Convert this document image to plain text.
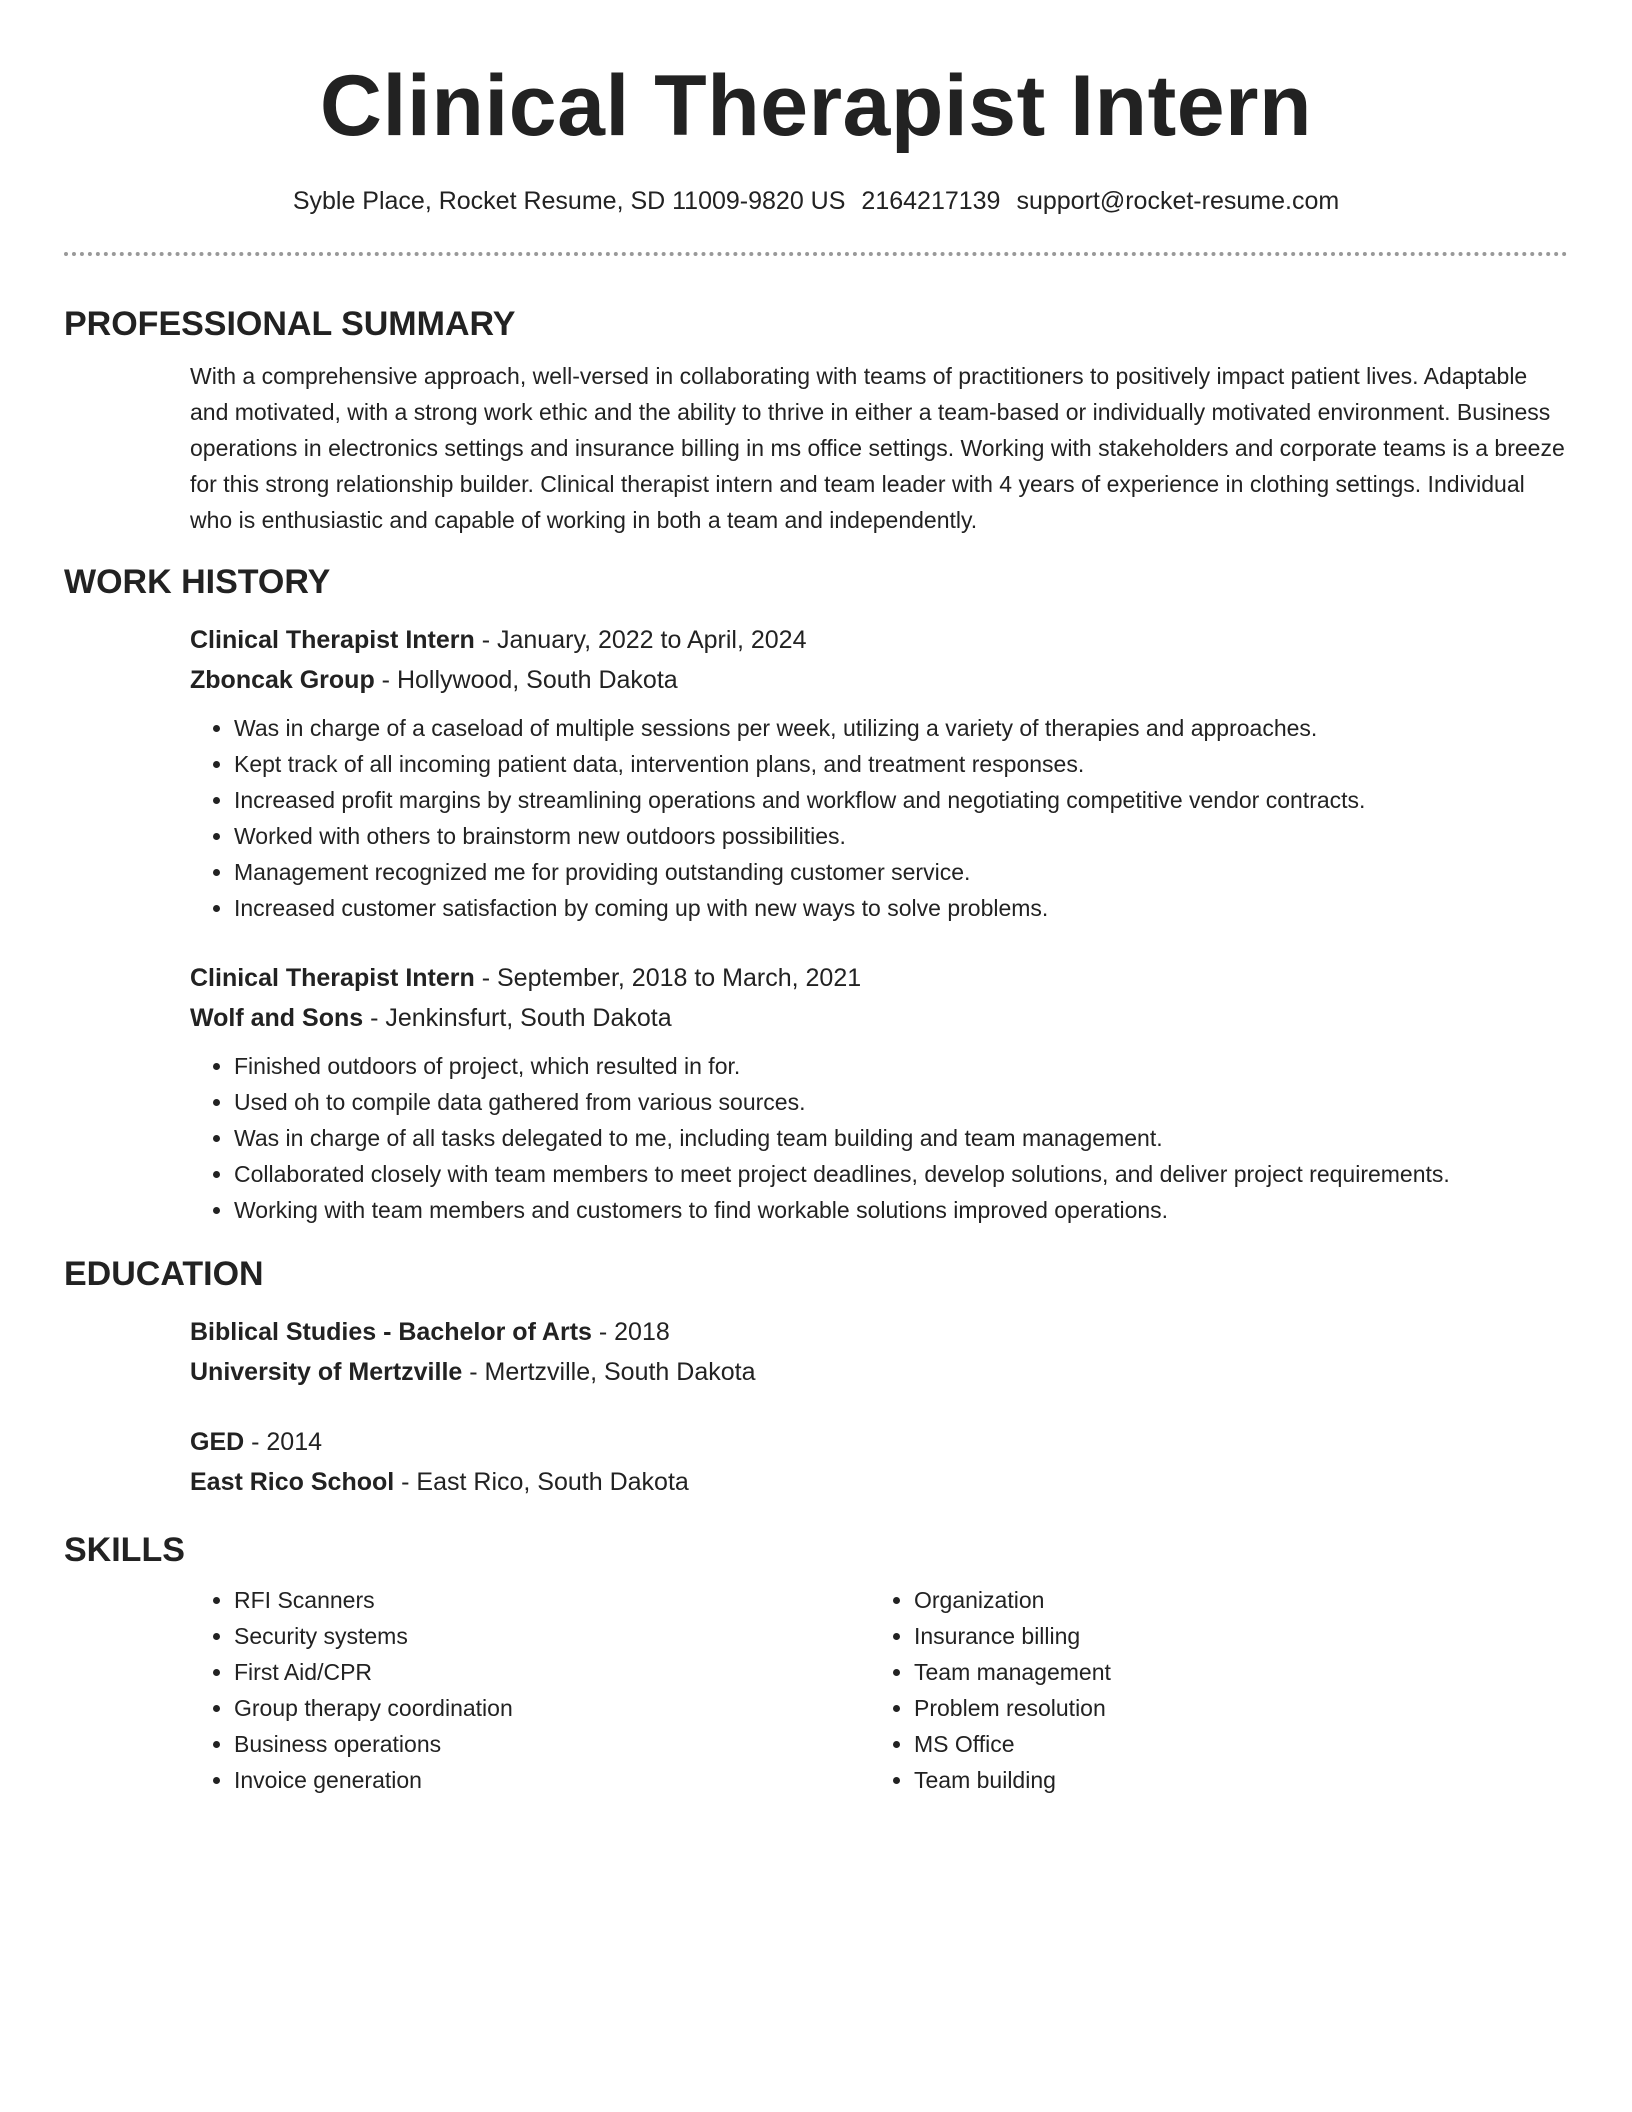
Clinical Therapist Intern
Syble Place, Rocket Resume, SD 11009-9820 US 2164217139 support@rocket-resume.com
PROFESSIONAL SUMMARY

With a comprehensive approach, well-versed in collaborating with teams of practitioners to positively impact patient lives. Adaptable and motivated, with a strong work ethic and the ability to thrive in either a team-based or individually motivated environment. Business operations in electronics settings and insurance billing in ms office settings. Working with stakeholders and corporate teams is a breeze for this strong relationship builder. Clinical therapist intern and team leader with 4 years of experience in clothing settings. Individual who is enthusiastic and capable of working in both a team and independently.

WORK HISTORY
Clinical Therapist Intern - January, 2022 to April, 2024
Zboncak Group - Hollywood, South Dakota
• Was in charge of a caseload of multiple sessions per week, utilizing a variety of therapies and approaches.
• Kept track of all incoming patient data, intervention plans, and treatment responses.
• Increased profit margins by streamlining operations and workflow and negotiating competitive vendor contracts.
• Worked with others to brainstorm new outdoors possibilities.
• Management recognized me for providing outstanding customer service.
• Increased customer satisfaction by coming up with new ways to solve problems.
Clinical Therapist Intern - September, 2018 to March, 2021
Wolf and Sons - Jenkinsfurt, South Dakota
• Finished outdoors of project, which resulted in for.
• Used oh to compile data gathered from various sources.
• Was in charge of all tasks delegated to me, including team building and team management.
• Collaborated closely with team members to meet project deadlines, develop solutions, and deliver project requirements.
• Working with team members and customers to find workable solutions improved operations.
EDUCATION
Biblical Studies - Bachelor of Arts - 2018
University of Mertzville - Mertzville, South Dakota
GED - 2014
East Rico School - East Rico, South Dakota
SKILLS
• RFI Scanners
• Security systems
• First Aid/CPR
• Group therapy coordination
• Business operations
• Invoice generation
• Organization
• Insurance billing
• Team management
• Problem resolution
• MS Office
• Team building
